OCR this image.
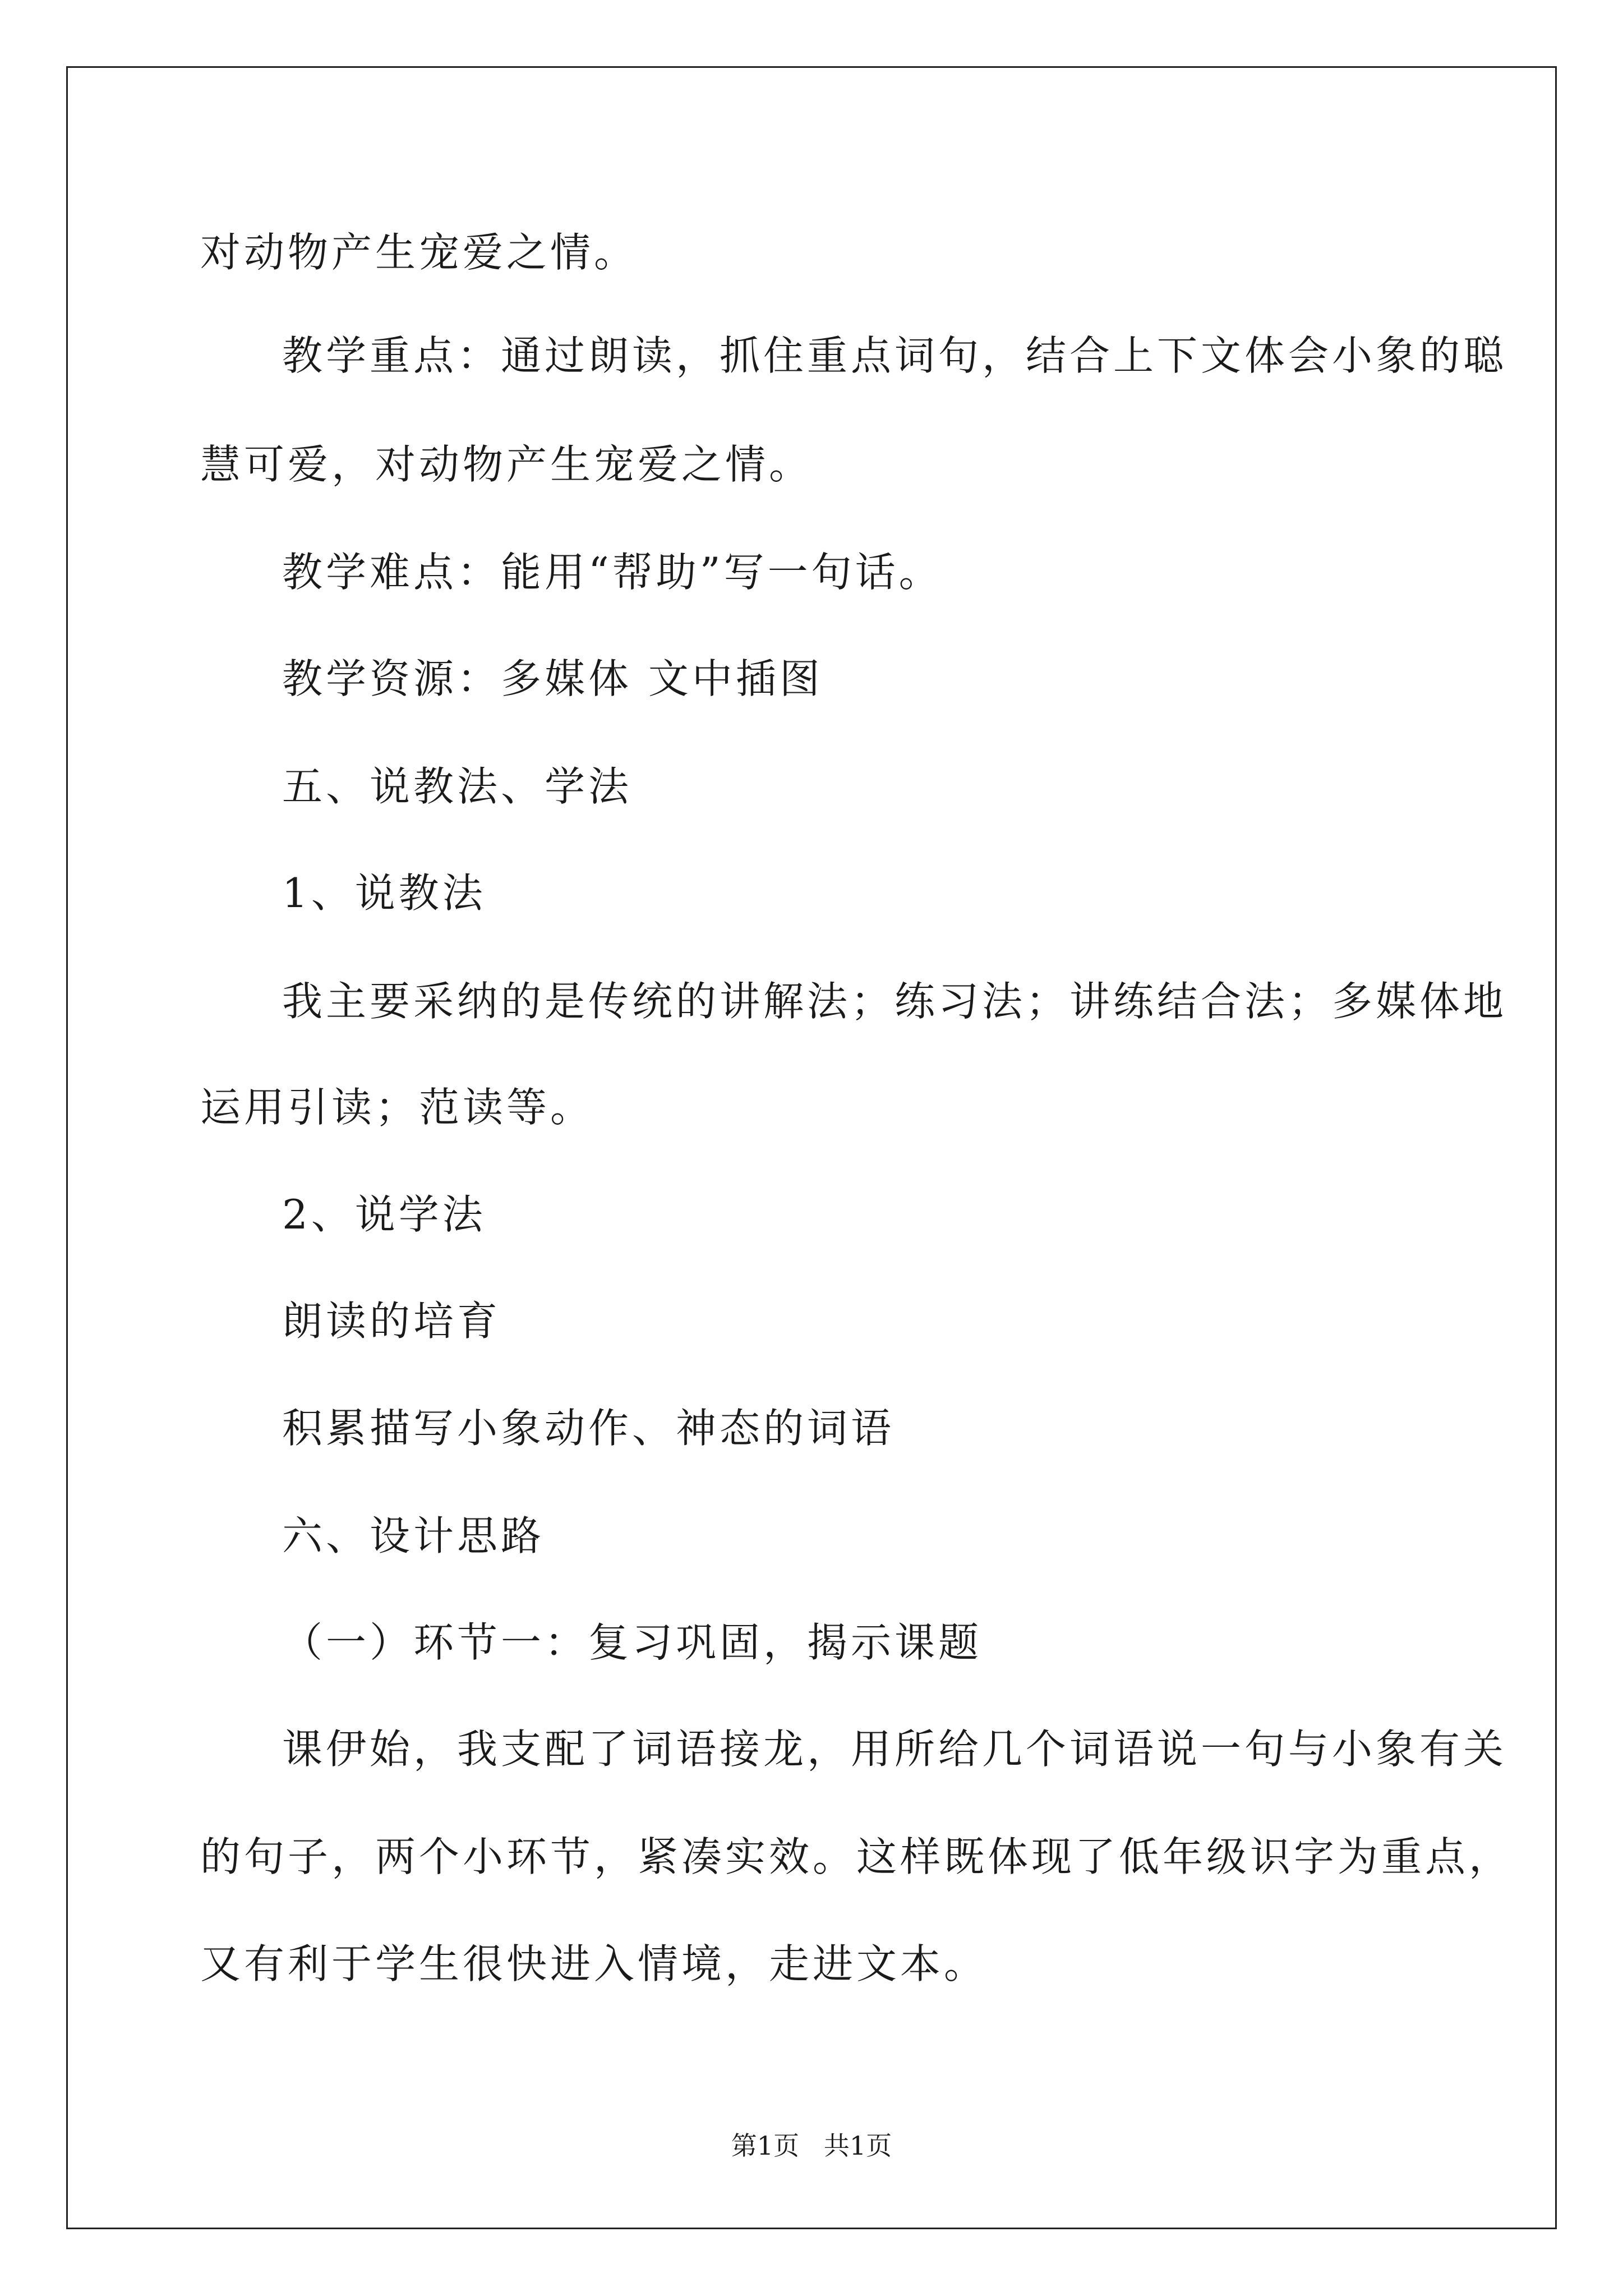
对动物产生宠爱之情。
教学重点：通过朗读，抓住重点词句，结合上下文体会小象的聪
慧可爱，对动物产生宠爱之情。
教学难点：能用“帮助”写一句话。
教学资源：多媒体 文中插图
五、说教法、学法
1、说教法
我主要采纳的是传统的讲解法；练习法；讲练结合法；多媒体地
运用引读；范读等。
2、说学法
朗读的培育
积累描写小象动作、神态的词语
六、设计思路
（一）环节一：复习巩固，揭示课题
课伊始，我支配了词语接龙，用所给几个词语说一句与小象有关
的句子，两个小环节，紧凑实效。这样既体现了低年级识字为重点，
又有利于学生很快进入情境，走进文本。
第1页   共1页
